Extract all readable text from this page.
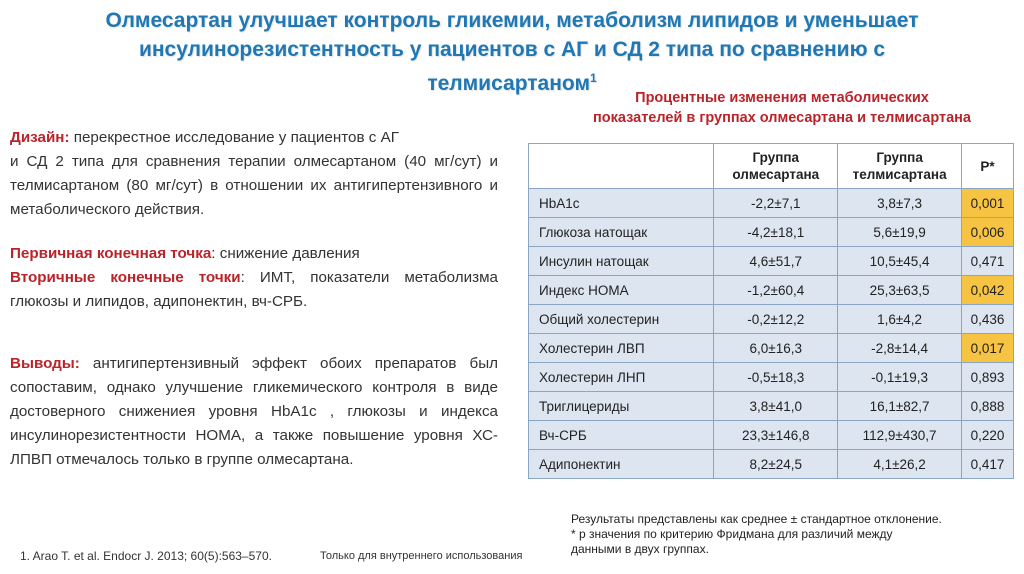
Олмесартан улучшает контроль гликемии, метаболизм липидов и уменьшает
инсулинорезистентность у пациентов с АГ и СД 2 типа по сравнению с
телмисартаном$^1$
Процентные изменения метаболических
показателей в группах олмесартана и телмисартана
Дизайн: перекрестное исследование у пациентов с АГ
и СД 2 типа для сравнения терапии олмесартаном (40 мг/сут) и телмисартаном (80 мг/сут) в отношении их антигипертензивного и метаболического действия.
Первичная конечная точка: снижение давления
Вторичные конечные точки: ИМТ, показатели метаболизма глюкозы и липидов, адипонектин, вч-СРБ.
Выводы: антигипертензивный эффект обоих препаратов был сопоставим, однако улучшение гликемического контроля в виде достоверного снижениея уровня HbA1c , глюкозы и индекса инсулинорезистентности НОМА, а также повышение уровня ХС-ЛПВП отмечалось только в группе олмесартана.
	Группа олмесартана	Группа телмисартана	P*
HbA1c	-2,2±7,1	3,8±7,3	0,001
Глюкоза натощак	-4,2±18,1	5,6±19,9	0,006
Инсулин натощак	4,6±51,7	10,5±45,4	0,471
Индекс НОМА	-1,2±60,4	25,3±63,5	0,042
Общий холестерин	-0,2±12,2	1,6±4,2	0,436
Холестерин ЛВП	6,0±16,3	-2,8±14,4	0,017
Холестерин ЛНП	-0,5±18,3	-0,1±19,3	0,893
Триглицериды	3,8±41,0	16,1±82,7	0,888
Вч-СРБ	23,3±146,8	112,9±430,7	0,220
Адипонектин	8,2±24,5	4,1±26,2	0,417
Результаты представлены как среднее ± стандартное отклонение.
* р значения по критерию Фридмана для различий между
данными в двух группах.
1. Arao T. et al. Endocr J. 2013; 60(5):563–570.	Только для внутреннего использования
